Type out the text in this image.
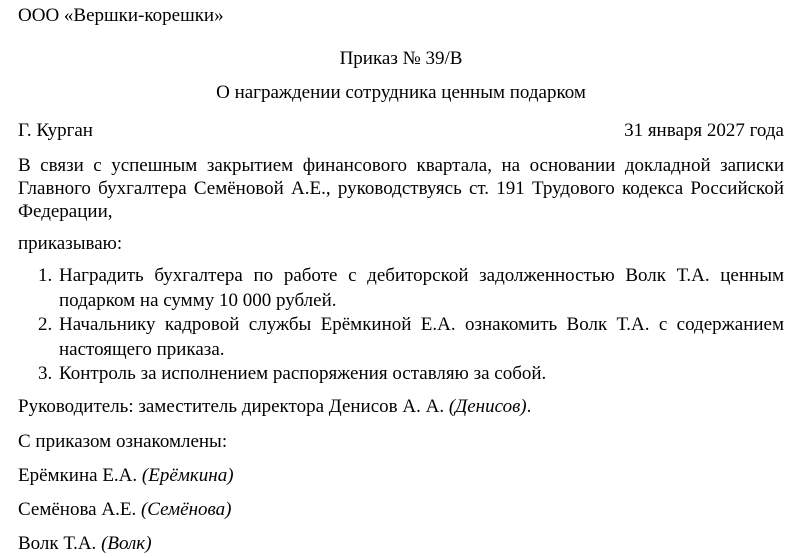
ООО «Вершки-корешки»
Приказ № 39/В
О награждении сотрудника ценным подарком
Г. Курган	31 января 2027 года
В связи с успешным закрытием финансового квартала, на основании докладной записки Главного бухгалтера Семёновой А.Е., руководствуясь ст. 191 Трудового кодекса Российской Федерации,
приказываю:
1. Наградить бухгалтера по работе с дебиторской задолженностью Волк Т.А. ценным подарком на сумму 10 000 рублей.
2. Начальнику кадровой службы Ерёмкиной Е.А. ознакомить Волк Т.А. с содержанием настоящего приказа.
3. Контроль за исполнением распоряжения оставляю за собой.
Руководитель: заместитель директора Денисов А. А. (Денисов).
С приказом ознакомлены:
Ерёмкина Е.А. (Ерёмкина)
Семёнова А.Е. (Семёнова)
Волк Т.А. (Волк)
